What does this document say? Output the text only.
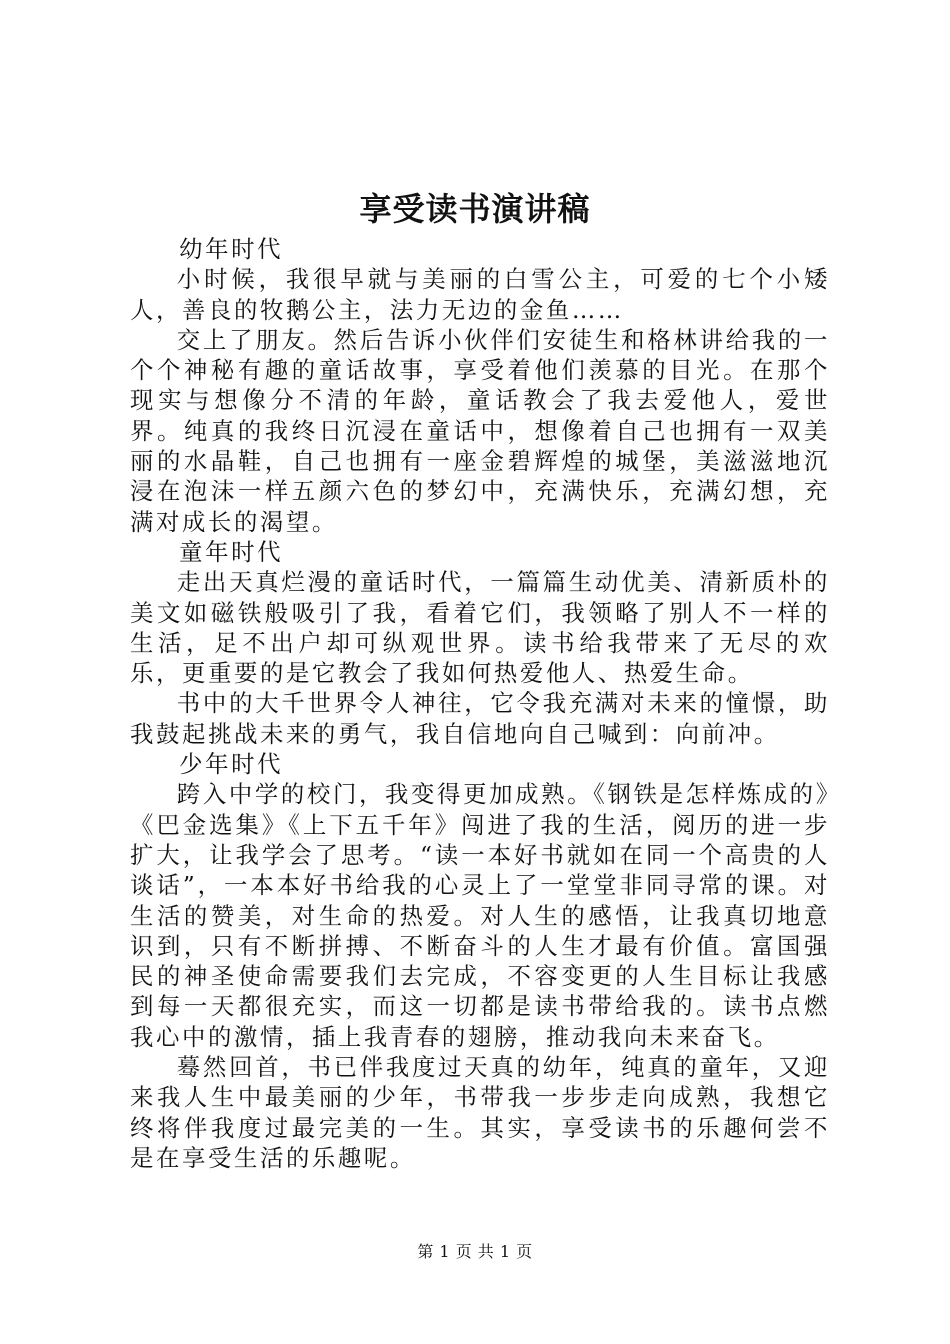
享受读书演讲稿

幼年时代

小时候，我很早就与美丽的白雪公主，可爱的七个小矮人，善良的牧鹅公主，法力无边的金鱼……

交上了朋友。然后告诉小伙伴们安徒生和格林讲给我的一个个神秘有趣的童话故事，享受着他们羡慕的目光。在那个现实与想像分不清的年龄，童话教会了我去爱他人，爱世界。纯真的我终日沉浸在童话中，想像着自己也拥有一双美丽的水晶鞋，自己也拥有一座金碧辉煌的城堡，美滋滋地沉浸在泡沫一样五颜六色的梦幻中，充满快乐，充满幻想，充满对成长的渴望。

童年时代

走出天真烂漫的童话时代，一篇篇生动优美、清新质朴的美文如磁铁般吸引了我，看着它们，我领略了别人不一样的生活，足不出户却可纵观世界。读书给我带来了无尽的欢乐，更重要的是它教会了我如何热爱他人、热爱生命。

书中的大千世界令人神往，它令我充满对未来的憧憬，助我鼓起挑战未来的勇气，我自信地向自己喊到：向前冲。

少年时代

跨入中学的校门，我变得更加成熟。《钢铁是怎样炼成的》《巴金选集》《上下五千年》闯进了我的生活，阅历的进一步扩大，让我学会了思考。“读一本好书就如在同一个高贵的人谈话”，一本本好书给我的心灵上了一堂堂非同寻常的课。对生活的赞美，对生命的热爱。对人生的感悟，让我真切地意识到，只有不断拼搏、不断奋斗的人生才最有价值。富国强民的神圣使命需要我们去完成，不容变更的人生目标让我感到每一天都很充实，而这一切都是读书带给我的。读书点燃我心中的激情，插上我青春的翅膀，推动我向未来奋飞。

蓦然回首，书已伴我度过天真的幼年，纯真的童年，又迎来我人生中最美丽的少年，书带我一步步走向成熟，我想它终将伴我度过最完美的一生。其实，享受读书的乐趣何尝不是在享受生活的乐趣呢。

第 1 页 共 1 页
